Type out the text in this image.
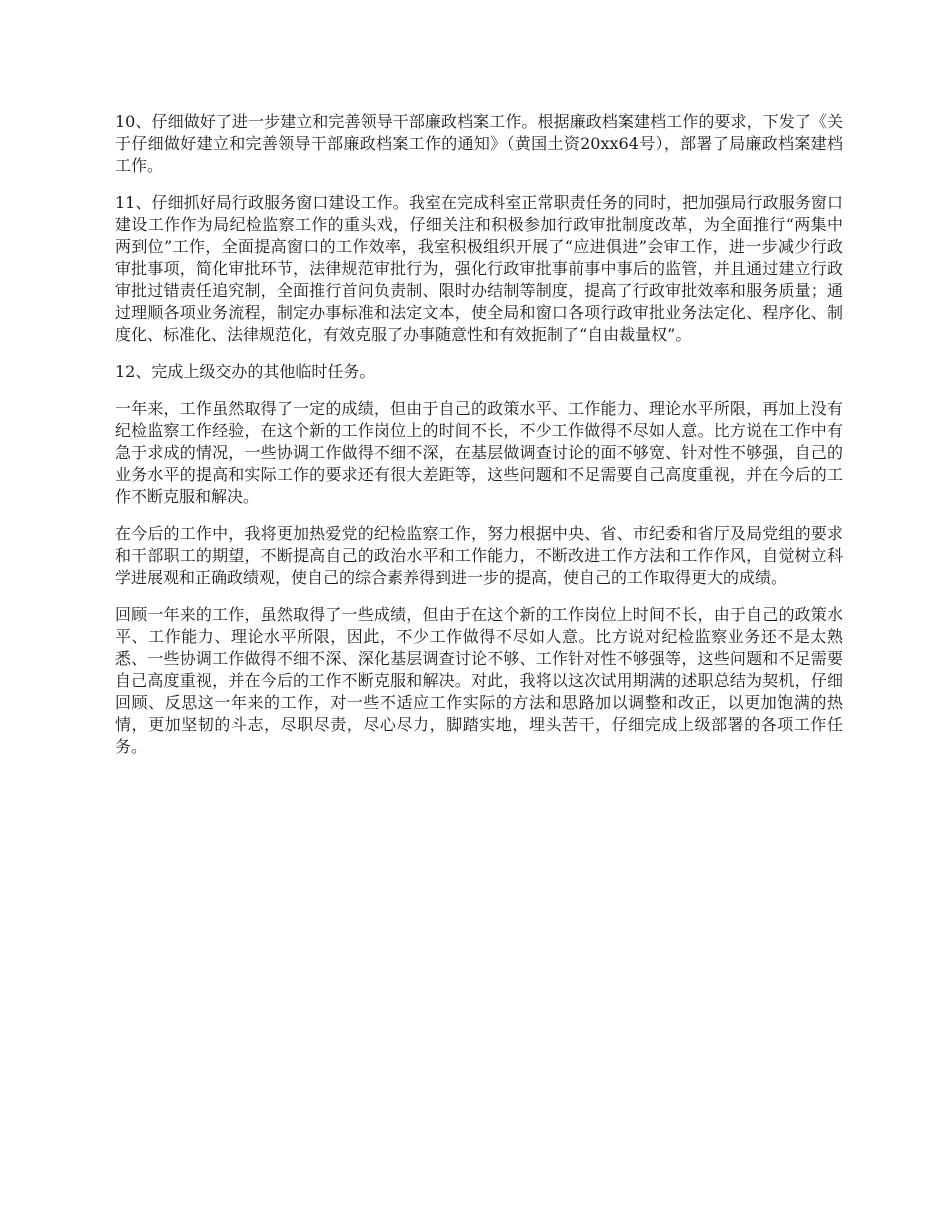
10、仔细做好了进一步建立和完善领导干部廉政档案工作。根据廉政档案建档工作的要求，下发了《关于仔细做好建立和完善领导干部廉政档案工作的通知》（黄国土资20xx64号），部署了局廉政档案建档工作。

11、仔细抓好局行政服务窗口建设工作。我室在完成科室正常职责任务的同时，把加强局行政服务窗口建设工作作为局纪检监察工作的重头戏，仔细关注和积极参加行政审批制度改革，为全面推行“两集中两到位”工作，全面提高窗口的工作效率，我室积极组织开展了“应进俱进”会审工作，进一步减少行政审批事项，简化审批环节，法律规范审批行为，强化行政审批事前事中事后的监管，并且通过建立行政审批过错责任追究制，全面推行首问负责制、限时办结制等制度，提高了行政审批效率和服务质量；通过理顺各项业务流程，制定办事标准和法定文本，使全局和窗口各项行政审批业务法定化、程序化、制度化、标准化、法律规范化，有效克服了办事随意性和有效扼制了“自由裁量权”。

12、完成上级交办的其他临时任务。

一年来，工作虽然取得了一定的成绩，但由于自己的政策水平、工作能力、理论水平所限，再加上没有纪检监察工作经验，在这个新的工作岗位上的时间不长，不少工作做得不尽如人意。比方说在工作中有急于求成的情况，一些协调工作做得不细不深，在基层做调查讨论的面不够宽、针对性不够强，自己的业务水平的提高和实际工作的要求还有很大差距等，这些问题和不足需要自己高度重视，并在今后的工作不断克服和解决。

在今后的工作中，我将更加热爱党的纪检监察工作，努力根据中央、省、市纪委和省厅及局党组的要求和干部职工的期望，不断提高自己的政治水平和工作能力，不断改进工作方法和工作作风，自觉树立科学进展观和正确政绩观，使自己的综合素养得到进一步的提高，使自己的工作取得更大的成绩。

回顾一年来的工作，虽然取得了一些成绩，但由于在这个新的工作岗位上时间不长，由于自己的政策水平、工作能力、理论水平所限，因此，不少工作做得不尽如人意。比方说对纪检监察业务还不是太熟悉、一些协调工作做得不细不深、深化基层调查讨论不够、工作针对性不够强等，这些问题和不足需要自己高度重视，并在今后的工作不断克服和解决。对此，我将以这次试用期满的述职总结为契机，仔细回顾、反思这一年来的工作，对一些不适应工作实际的方法和思路加以调整和改正，以更加饱满的热情，更加坚韧的斗志，尽职尽责，尽心尽力，脚踏实地，埋头苦干，仔细完成上级部署的各项工作任务。
